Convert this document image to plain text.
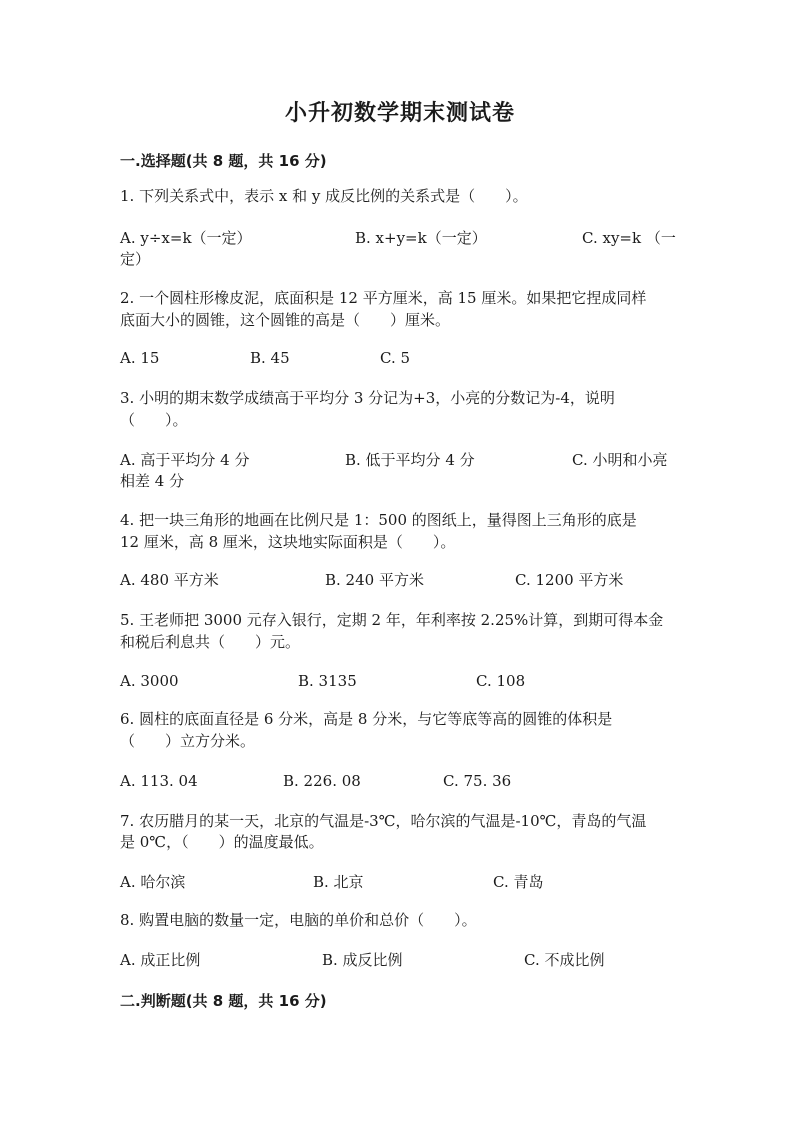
小升初数学期末测试卷
一.选择题(共 8 题，共 16 分)
1. 下列关系式中，表示 x 和 y 成反比例的关系式是（　　）。
A. y÷x=k（一定）	B. x+y=k（一定）	C. xy=k （一
定）
2. 一个圆柱形橡皮泥，底面积是 12 平方厘米，高 15 厘米。如果把它捏成同样
底面大小的圆锥，这个圆锥的高是（　　）厘米。
A. 15	B. 45	C. 5
3. 小明的期末数学成绩高于平均分 3 分记为+3，小亮的分数记为-4，说明
（　　）。
A. 高于平均分 4 分	B. 低于平均分 4 分	C. 小明和小亮
相差 4 分
4. 把一块三角形的地画在比例尺是 1：500 的图纸上，量得图上三角形的底是
12 厘米，高 8 厘米，这块地实际面积是（　　）。
A. 480 平方米	B. 240 平方米	C. 1200 平方米
5. 王老师把 3000 元存入银行，定期 2 年，年利率按 2.25%计算，到期可得本金
和税后利息共（　　）元。
A. 3000	B. 3135	C. 108
6. 圆柱的底面直径是 6 分米，高是 8 分米，与它等底等高的圆锥的体积是
（　　）立方分米。
A. 113. 04	B. 226. 08	C. 75. 36
7. 农历腊月的某一天，北京的气温是-3℃，哈尔滨的气温是-10℃，青岛的气温
是 0℃，（　　）的温度最低。
A. 哈尔滨	B. 北京	C. 青岛
8. 购置电脑的数量一定，电脑的单价和总价（　　）。
A. 成正比例	B. 成反比例	C. 不成比例
二.判断题(共 8 题，共 16 分)
